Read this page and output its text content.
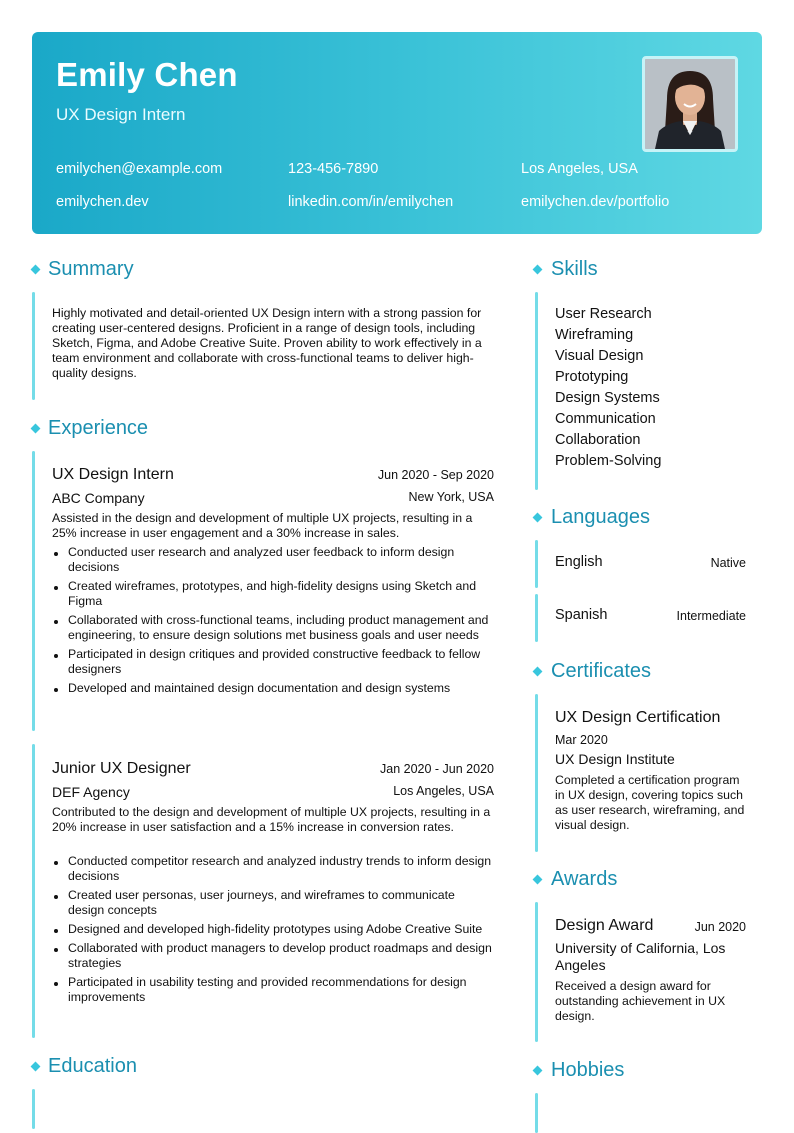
Emily Chen
UX Design Intern
emilychen@example.com	123-456-7890	Los Angeles, USA
emilychen.dev	linkedin.com/in/emilychen	emilychen.dev/portfolio
Summary
Highly motivated and detail-oriented UX Design intern with a strong passion for creating user-centered designs. Proficient in a range of design tools, including Sketch, Figma, and Adobe Creative Suite. Proven ability to work effectively in a team environment and collaborate with cross-functional teams to deliver high-quality designs.
Experience
UX Design Intern	Jun 2020 - Sep 2020
ABC Company	New York, USA
Assisted in the design and development of multiple UX projects, resulting in a 25% increase in user engagement and a 30% increase in sales.
Conducted user research and analyzed user feedback to inform design decisions
Created wireframes, prototypes, and high-fidelity designs using Sketch and Figma
Collaborated with cross-functional teams, including product management and engineering, to ensure design solutions met business goals and user needs
Participated in design critiques and provided constructive feedback to fellow designers
Developed and maintained design documentation and design systems
Junior UX Designer	Jan 2020 - Jun 2020
DEF Agency	Los Angeles, USA
Contributed to the design and development of multiple UX projects, resulting in a 20% increase in user satisfaction and a 15% increase in conversion rates.
Conducted competitor research and analyzed industry trends to inform design decisions
Created user personas, user journeys, and wireframes to communicate design concepts
Designed and developed high-fidelity prototypes using Adobe Creative Suite
Collaborated with product managers to develop product roadmaps and design strategies
Participated in usability testing and provided recommendations for design improvements
Education
Skills
User Research
Wireframing
Visual Design
Prototyping
Design Systems
Communication
Collaboration
Problem-Solving
Languages
English	Native
Spanish	Intermediate
Certificates
UX Design Certification
Mar 2020
UX Design Institute
Completed a certification program in UX design, covering topics such as user research, wireframing, and visual design.
Awards
Design Award	Jun 2020
University of California, Los Angeles
Received a design award for outstanding achievement in UX design.
Hobbies
